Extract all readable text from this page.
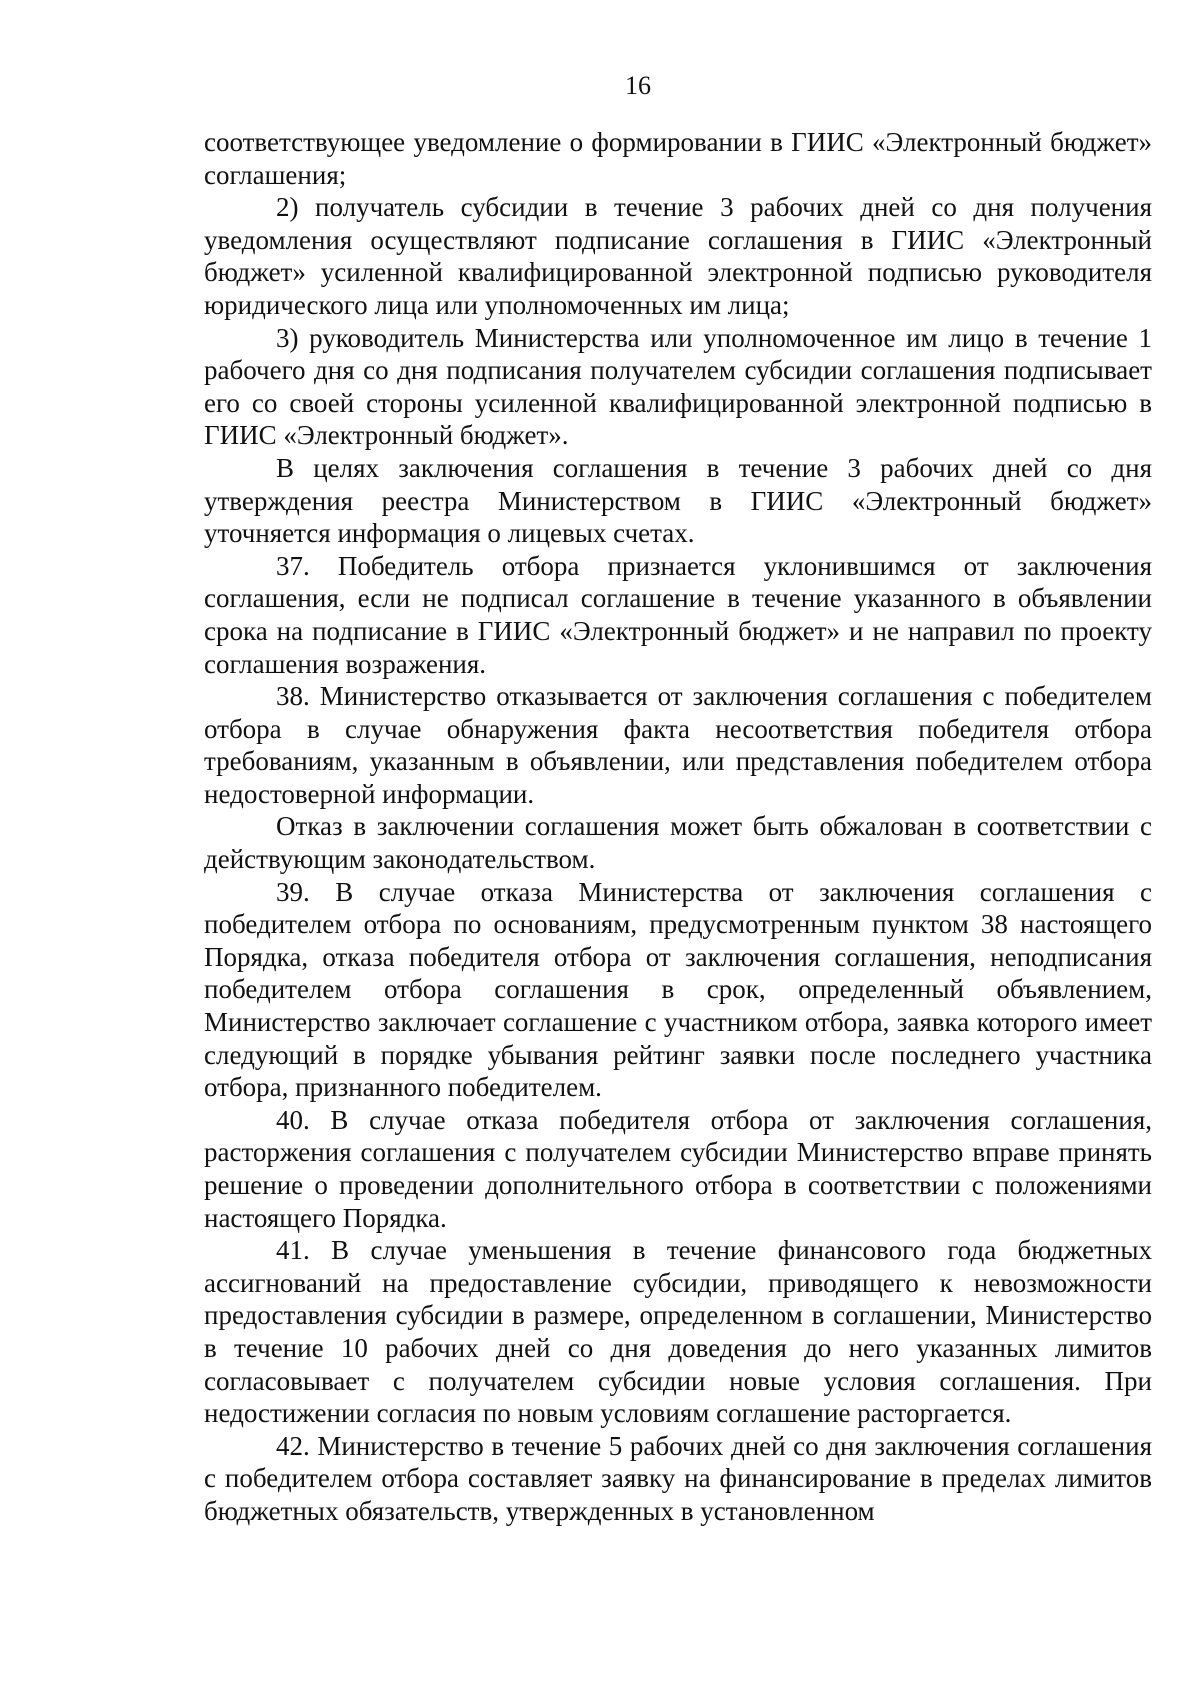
16

соответствующее уведомление о формировании в ГИИС «Электронный бюджет» соглашения;

2) получатель субсидии в течение 3 рабочих дней со дня получения уведомления осуществляют подписание соглашения в ГИИС «Электронный бюджет» усиленной квалифицированной электронной подписью руководителя юридического лица или уполномоченных им лица;

3) руководитель Министерства или уполномоченное им лицо в течение 1 рабочего дня со дня подписания получателем субсидии соглашения подписывает его со своей стороны усиленной квалифицированной электронной подписью в ГИИС «Электронный бюджет».

В целях заключения соглашения в течение 3 рабочих дней со дня утверждения реестра Министерством в ГИИС «Электронный бюджет» уточняется информация о лицевых счетах.

37. Победитель отбора признается уклонившимся от заключения соглашения, если не подписал соглашение в течение указанного в объявлении срока на подписание в ГИИС «Электронный бюджет» и не направил по проекту соглашения возражения.

38. Министерство отказывается от заключения соглашения с победителем отбора в случае обнаружения факта несоответствия победителя отбора требованиям, указанным в объявлении, или представления победителем отбора недостоверной информации.

Отказ в заключении соглашения может быть обжалован в соответствии с действующим законодательством.

39. В случае отказа Министерства от заключения соглашения с победителем отбора по основаниям, предусмотренным пунктом 38 настоящего Порядка, отказа победителя отбора от заключения соглашения, неподписания победителем отбора соглашения в срок, определенный объявлением, Министерство заключает соглашение с участником отбора, заявка которого имеет следующий в порядке убывания рейтинг заявки после последнего участника отбора, признанного победителем.

40. В случае отказа победителя отбора от заключения соглашения, расторжения соглашения с получателем субсидии Министерство вправе принять решение о проведении дополнительного отбора в соответствии с положениями настоящего Порядка.

41. В случае уменьшения в течение финансового года бюджетных ассигнований на предоставление субсидии, приводящего к невозможности предоставления субсидии в размере, определенном в соглашении, Министерство в течение 10 рабочих дней со дня доведения до него указанных лимитов согласовывает с получателем субсидии новые условия соглашения. При недостижении согласия по новым условиям соглашение расторгается.

42. Министерство в течение 5 рабочих дней со дня заключения соглашения с победителем отбора составляет заявку на финансирование в пределах лимитов бюджетных обязательств, утвержденных в установленном
